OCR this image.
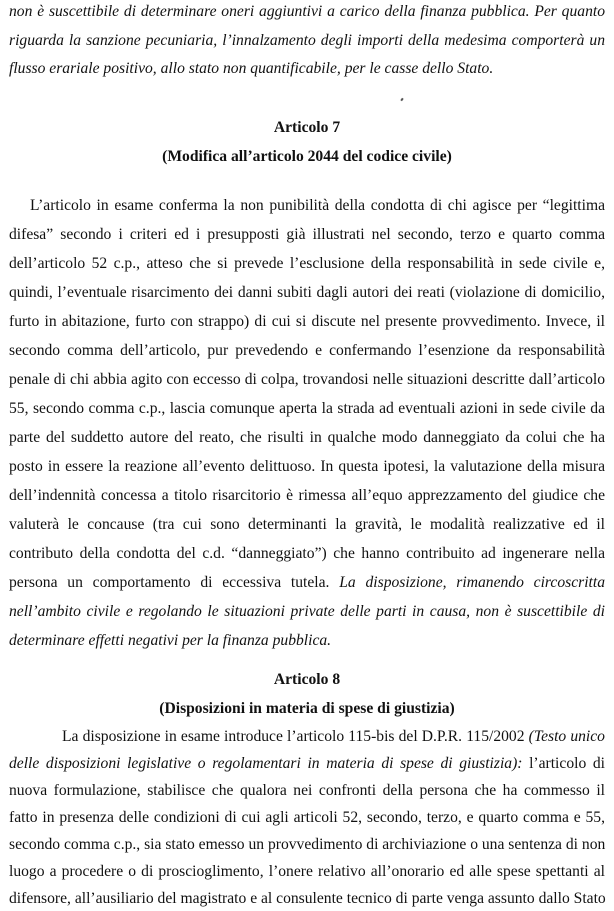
non è suscettibile di determinare oneri aggiuntivi a carico della finanza pubblica. Per quanto
riguarda la sanzione pecuniaria, l’innalzamento degli importi della medesima comporterà un
flusso erariale positivo, allo stato non quantificabile, per le casse dello Stato.
Articolo 7
(Modifica all’articolo 2044 del codice civile)
L’articolo in esame conferma la non punibilità della condotta di chi agisce per “legittima
difesa” secondo i criteri ed i presupposti già illustrati nel secondo, terzo e quarto comma
dell’articolo 52 c.p., atteso che si prevede l’esclusione della responsabilità in sede civile e,
quindi, l’eventuale risarcimento dei danni subiti dagli autori dei reati (violazione di domicilio,
furto in abitazione, furto con strappo) di cui si discute nel presente provvedimento. Invece, il
secondo comma dell’articolo, pur prevedendo e confermando l’esenzione da responsabilità
penale di chi abbia agito con eccesso di colpa, trovandosi nelle situazioni descritte dall’articolo
55, secondo comma c.p., lascia comunque aperta la strada ad eventuali azioni in sede civile da
parte del suddetto autore del reato, che risulti in qualche modo danneggiato da colui che ha
posto in essere la reazione all’evento delittuoso. In questa ipotesi, la valutazione della misura
dell’indennità concessa a titolo risarcitorio è rimessa all’equo apprezzamento del giudice che
valuterà le concause (tra cui sono determinanti la gravità, le modalità realizzative ed il
contributo della condotta del c.d. “danneggiato”) che hanno contribuito ad ingenerare nella
persona un comportamento di eccessiva tutela. La disposizione, rimanendo circoscritta
nell’ambito civile e regolando le situazioni private delle parti in causa, non è suscettibile di
determinare effetti negativi per la finanza pubblica.
Articolo 8
(Disposizioni in materia di spese di giustizia)
La disposizione in esame introduce l’articolo 115-bis del D.P.R. 115/2002 (Testo unico
delle disposizioni legislative o regolamentari in materia di spese di giustizia): l’articolo di
nuova formulazione, stabilisce che qualora nei confronti della persona che ha commesso il
fatto in presenza delle condizioni di cui agli articoli 52, secondo, terzo, e quarto comma e 55,
secondo comma c.p., sia stato emesso un provvedimento di archiviazione o una sentenza di non
luogo a procedere o di proscioglimento, l’onere relativo all’onorario ed alle spese spettanti al
difensore, all’ausiliario del magistrato e al consulente tecnico di parte venga assunto dallo Stato
